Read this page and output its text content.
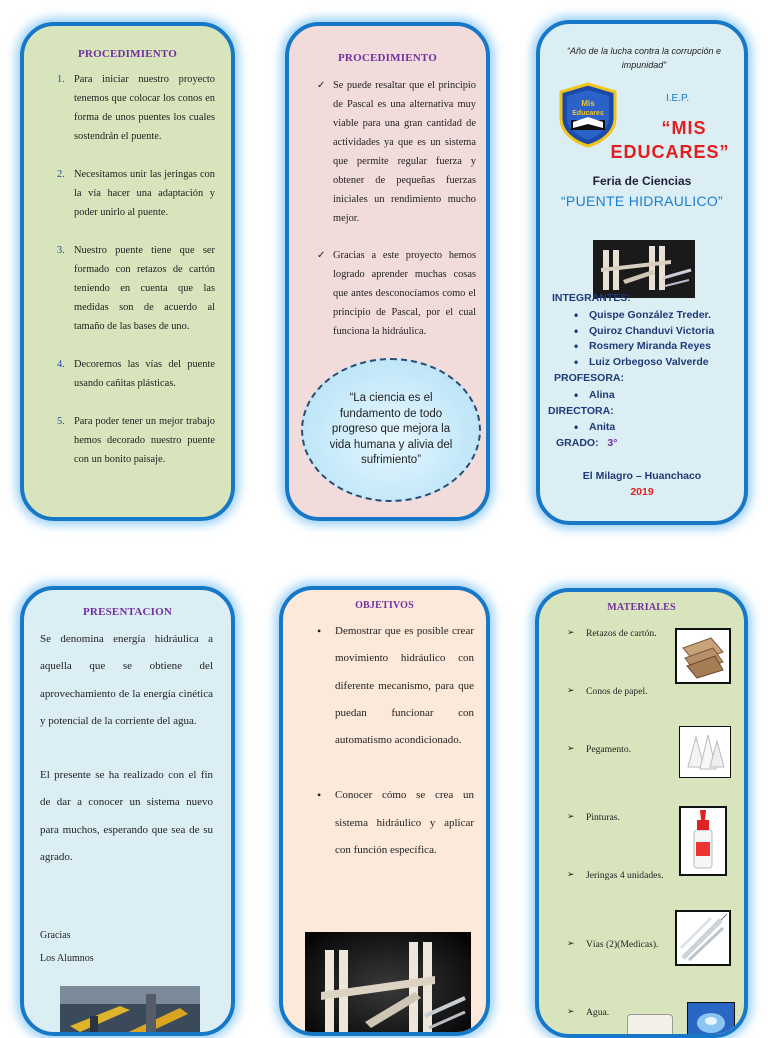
PROCEDIMIENTO
1. Para iniciar nuestro proyecto tenemos que colocar los conos en forma de unos puentes los cuales sostendrán el puente.
2. Necesitamos unir las jeringas con la vía hacer una adaptación y poder unirlo al puente.
3. Nuestro puente tiene que ser formado con retazos de cartón teniendo en cuenta que las medidas son de acuerdo al tamaño de las bases de uno.
4. Decoremos las vías del puente usando cañitas plásticas.
5. Para poder tener un mejor trabajo hemos decorado nuestro puente con un bonito paisaje.
PROCEDIMIENTO
✓ Se puede resaltar que el principio de Pascal es una alternativa muy viable para una gran cantidad de actividades ya que es un sistema que permite regular fuerza y obtener de pequeñas fuerzas iniciales un rendimiento mucho mejor.
✓ Gracias a este proyecto hemos logrado aprender muchas cosas que antes desconocíamos como el principio de Pascal, por el cual funciona la hidráulica.
“La ciencia es el fundamento de todo progreso que mejora la vida humana y alivia del sufrimiento”
“Año de la lucha contra la corrupción e impunidad”
Mis
Educares
I.E.P.
“MIS
EDUCARES”
Feria de Ciencias
“PUENTE HIDRAULICO”
INTEGRANTES:
• Quispe González Treder.
• Quiroz Chanduvi Victoria
• Rosmery Miranda Reyes
• Luiz Orbegoso Valverde
PROFESORA:
• Alina
DIRECTORA:
• Anita
GRADO: 3°
El Milagro – Huanchaco
2019
PRESENTACION

Se denomina energía hidráulica a aquella que se obtiene del aprovechamiento de la energía cinética y potencial de la corriente del agua.

El presente se ha realizado con el fin de dar a conocer un sistema nuevo para muchos, esperando que sea de su agrado.

Gracias
Los Alumnos
OBJETIVOS
• Demostrar que es posible crear movimiento hidráulico con diferente mecanismo, para que puedan funcionar con automatismo acondicionado.
• Conocer cómo se crea un sistema hidráulico y aplicar con función específica.
MATERIALES
➢ Retazos de cartón.
➢ Conos de papel.
➢ Pegamento.
➢ Pinturas.
➢ Jeringas 4 unidades.
➢ Vías (2)(Medicas).
➢ Agua.
